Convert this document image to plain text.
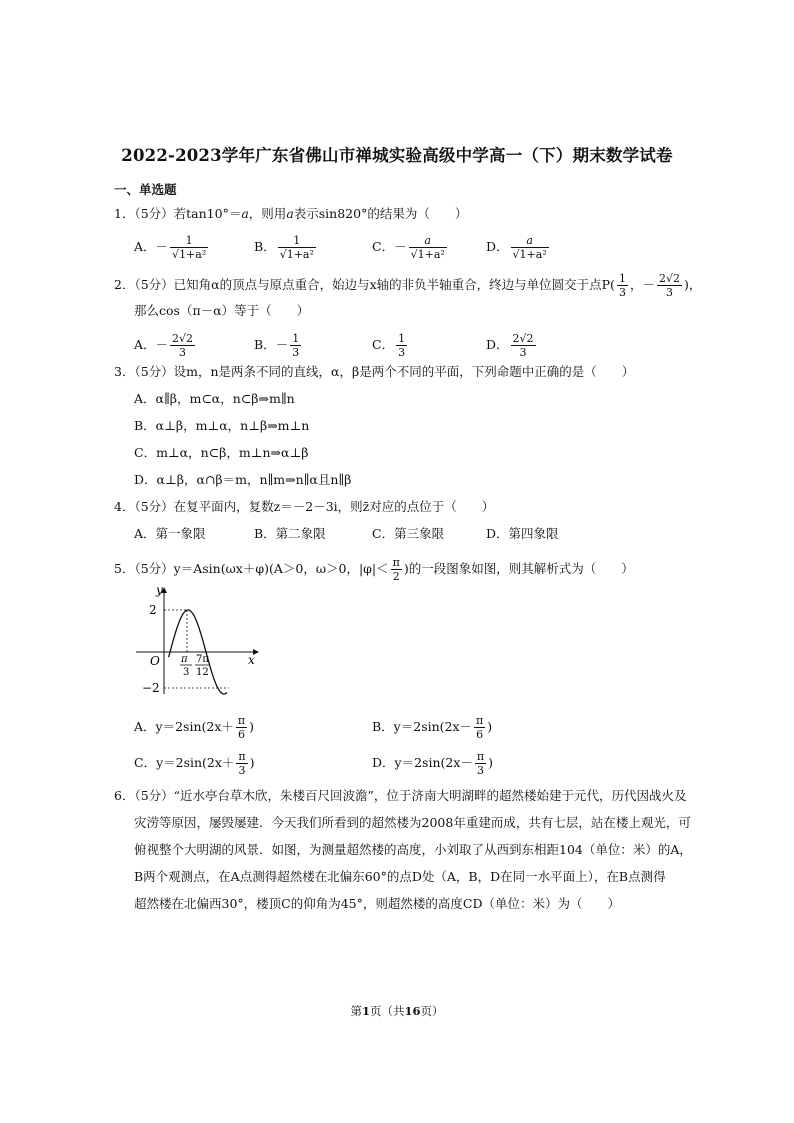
2022-2023学年广东省佛山市禅城实验高级中学高一（下）期末数学试卷
一、单选题
1．（5分）若tan10°＝a，则用a表示sin820°的结果为（　　）
A．－ $\frac{1}{\text{√1+a²}}$	B． $\frac{1}{\text{√1+a²}}$	C．－ $\frac{a}{\text{√1+a²}}$	D． $\frac{a}{\text{√1+a²}}$
2．（5分）已知角α的顶点与原点重合，始边与x轴的非负半轴重合，终边与单位圆交于点$P( \frac{1}{3}$ ，－ $\frac{2√2}{3}$ )，
那么cos（π－α）等于（　　）
A．－ $\frac{2√2}{3}$	B．－ $\frac{1}{3}$	C． $\frac{1}{3}$	D． $\frac{2√2}{3}$
3．（5分）设m，n是两条不同的直线，α，β是两个不同的平面，下列命题中正确的是（　　）
A．α∥β，m⊂α，n⊂β⇒m∥n
B．α⊥β，m⊥α，n⊥β⇒m⊥n
C．m⊥α，n⊂β，m⊥n⇒α⊥β
D．α⊥β，α∩β＝m，n∥m⇒n∥α且n∥β
4．（5分）在复平面内，复数z＝－2－3i，则z̄对应的点位于（　　）
A．第一象限	B．第二象限	C．第三象限	D．第四象限
5．（5分）y＝Asin(ωx＋φ)(A＞0，ω＞0，$|\varphi|< \frac{\pi}{2}$ )的一段图象如图，则其解析式为（　　）
y
x
O
2
−2
π
3
7π
12
A．$y=2\sin(2x+ \frac{\pi}{6}$ )	B．$y=2\sin(2x- \frac{\pi}{6}$ )
C．$y=2\sin(2x+ \frac{\pi}{3}$ )	D．$y=2\sin(2x- \frac{\pi}{3}$ )
6．（5分）“近水亭台草木欣，朱楼百尺回波澹”，位于济南大明湖畔的超然楼始建于元代，历代因战火及
灾涝等原因，屡毁屡建．今天我们所看到的超然楼为2008年重建而成，共有七层，站在楼上观光，可
俯视整个大明湖的风景．如图，为测量超然楼的高度，小刘取了从西到东相距104（单位：米）的A，
B两个观测点，在A点测得超然楼在北偏东60°的点D处（A，B，D在同一水平面上），在B点测得
超然楼在北偏西30°，楼顶C的仰角为45°，则超然楼的高度CD（单位：米）为（　　）
第1页（共16页）
